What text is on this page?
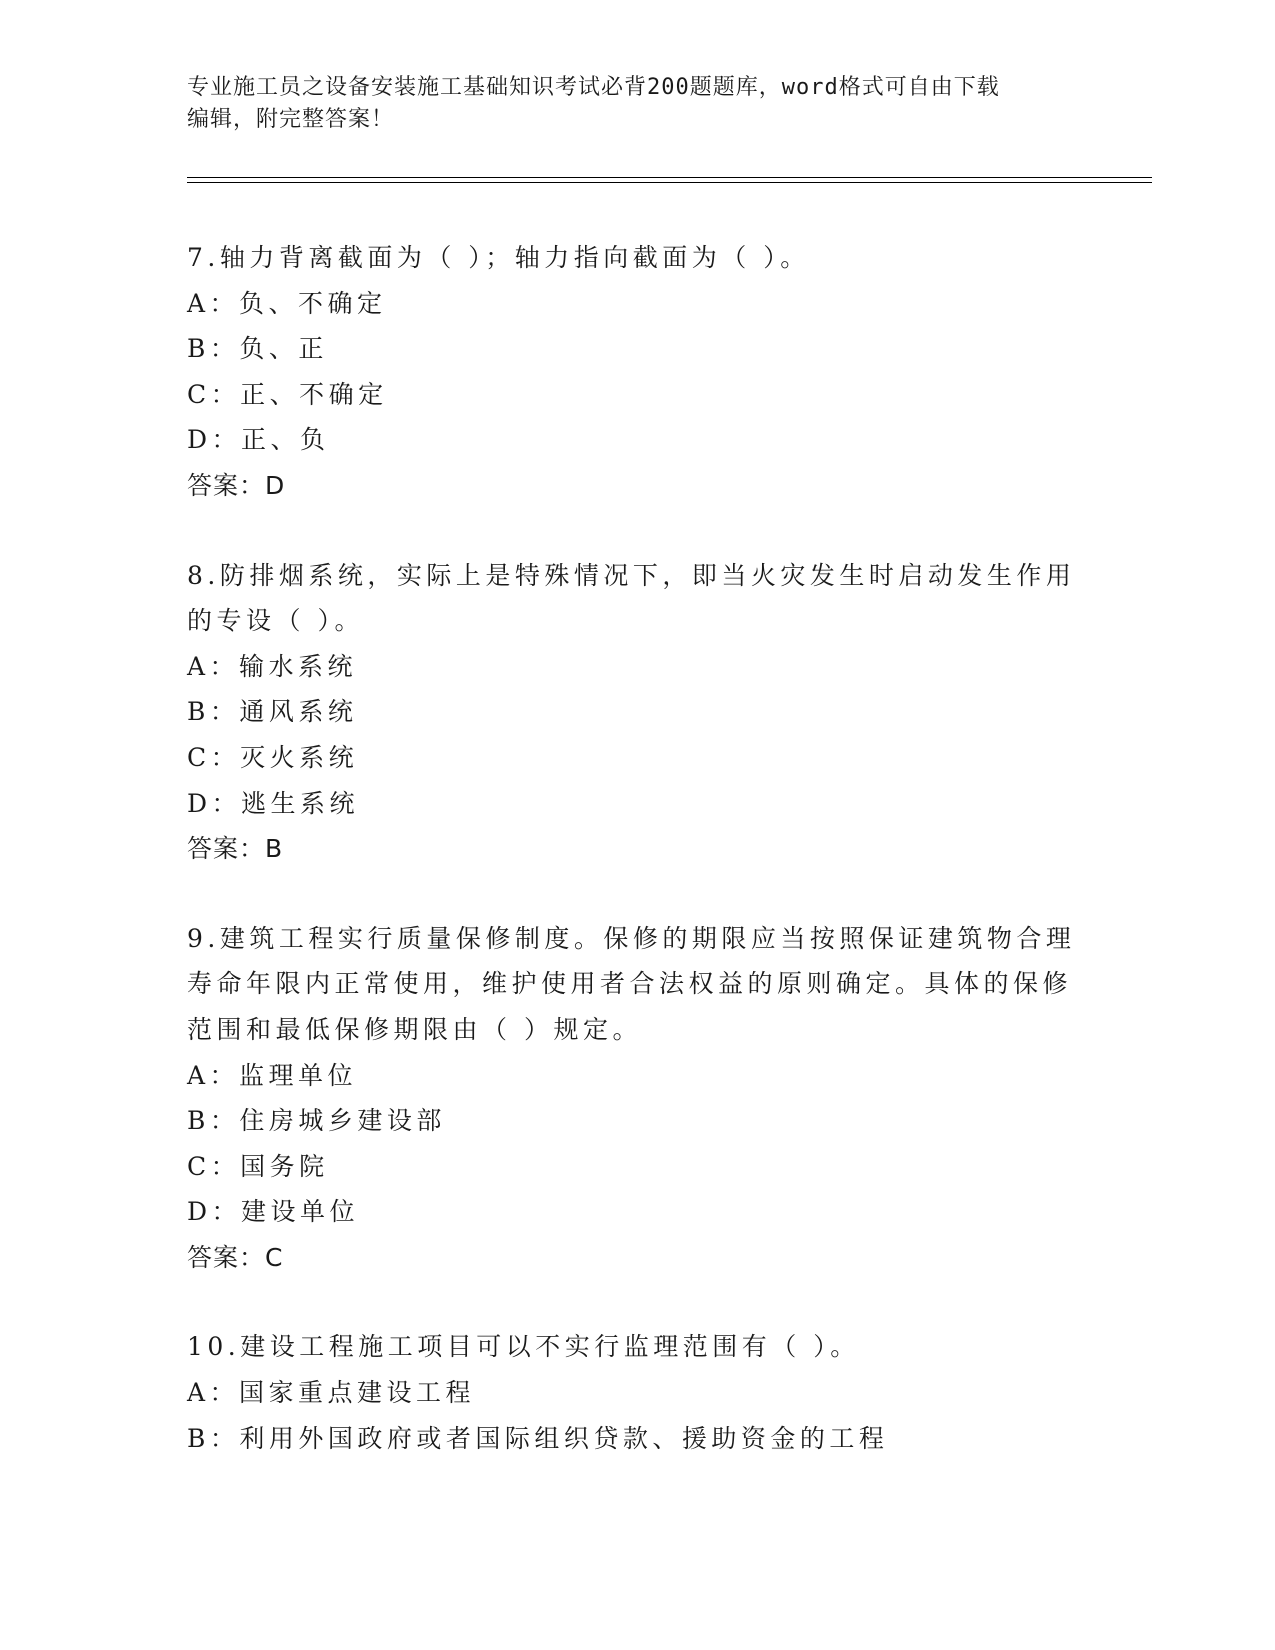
专业施工员之设备安装施工基础知识考试必背200题题库，word格式可自由下载
编辑，附完整答案！
7.轴力背离截面为（ ）；轴力指向截面为（ ）。
A：负、不确定
B：负、正
C：正、不确定
D：正、负
答案：D
8.防排烟系统，实际上是特殊情况下，即当火灾发生时启动发生作用
的专设（ ）。
A：输水系统
B：通风系统
C：灭火系统
D：逃生系统
答案：B
9.建筑工程实行质量保修制度。保修的期限应当按照保证建筑物合理
寿命年限内正常使用，维护使用者合法权益的原则确定。具体的保修
范围和最低保修期限由（ ）规定。
A：监理单位
B：住房城乡建设部
C：国务院
D：建设单位
答案：C
10.建设工程施工项目可以不实行监理范围有（ ）。
A：国家重点建设工程
B：利用外国政府或者国际组织贷款、援助资金的工程
